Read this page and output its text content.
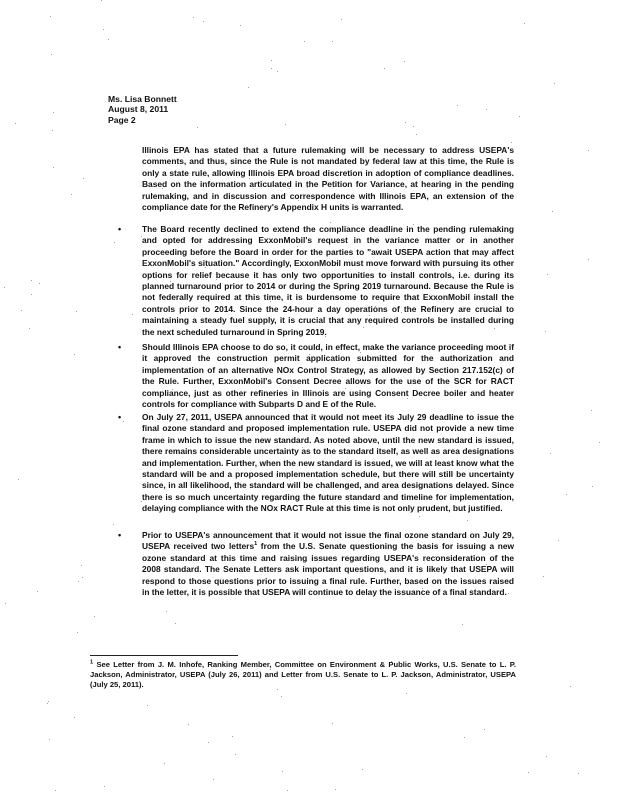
Ms. Lisa Bonnett
August 8, 2011
Page 2
Illinois EPA has stated that a future rulemaking will be necessary to address USEPA's comments, and thus, since the Rule is not mandated by federal law at this time, the Rule is only a state rule, allowing Illinois EPA broad discretion in adoption of compliance deadlines. Based on the information articulated in the Petition for Variance, at hearing in the pending rulemaking, and in discussion and correspondence with Illinois EPA, an extension of the compliance date for the Refinery's Appendix H units is warranted.
• The Board recently declined to extend the compliance deadline in the pending rulemaking and opted for addressing ExxonMobil's request in the variance matter or in another proceeding before the Board in order for the parties to "await USEPA action that may affect ExxonMobil's situation." Accordingly, ExxonMobil must move forward with pursuing its other options for relief because it has only two opportunities to install controls, i.e. during its planned turnaround prior to 2014 or during the Spring 2019 turnaround. Because the Rule is not federally required at this time, it is burdensome to require that ExxonMobil install the controls prior to 2014. Since the 24-hour a day operations of the Refinery are crucial to maintaining a steady fuel supply, it is crucial that any required controls be installed during the next scheduled turnaround in Spring 2019.
• Should Illinois EPA choose to do so, it could, in effect, make the variance proceeding moot if it approved the construction permit application submitted for the authorization and implementation of an alternative NOx Control Strategy, as allowed by Section 217.152(c) of the Rule. Further, ExxonMobil's Consent Decree allows for the use of the SCR for RACT compliance, just as other refineries in Illinois are using Consent Decree boiler and heater controls for compliance with Subparts D and E of the Rule.
• On July 27, 2011, USEPA announced that it would not meet its July 29 deadline to issue the final ozone standard and proposed implementation rule. USEPA did not provide a new time frame in which to issue the new standard. As noted above, until the new standard is issued, there remains considerable uncertainty as to the standard itself, as well as area designations and implementation. Further, when the new standard is issued, we will at least know what the standard will be and a proposed implementation schedule, but there will still be uncertainty since, in all likelihood, the standard will be challenged, and area designations delayed. Since there is so much uncertainty regarding the future standard and timeline for implementation, delaying compliance with the NOx RACT Rule at this time is not only prudent, but justified.
• Prior to USEPA's announcement that it would not issue the final ozone standard on July 29, USEPA received two letters$^1$ from the U.S. Senate questioning the basis for issuing a new ozone standard at this time and raising issues regarding USEPA's reconsideration of the 2008 standard. The Senate Letters ask important questions, and it is likely that USEPA will respond to those questions prior to issuing a final rule. Further, based on the issues raised in the letter, it is possible that USEPA will continue to delay the issuance of a final standard.
$^1$ See Letter from J. M. Inhofe, Ranking Member, Committee on Environment & Public Works, U.S. Senate to L. P. Jackson, Administrator, USEPA (July 26, 2011) and Letter from U.S. Senate to L. P. Jackson, Administrator, USEPA (July 25, 2011).
